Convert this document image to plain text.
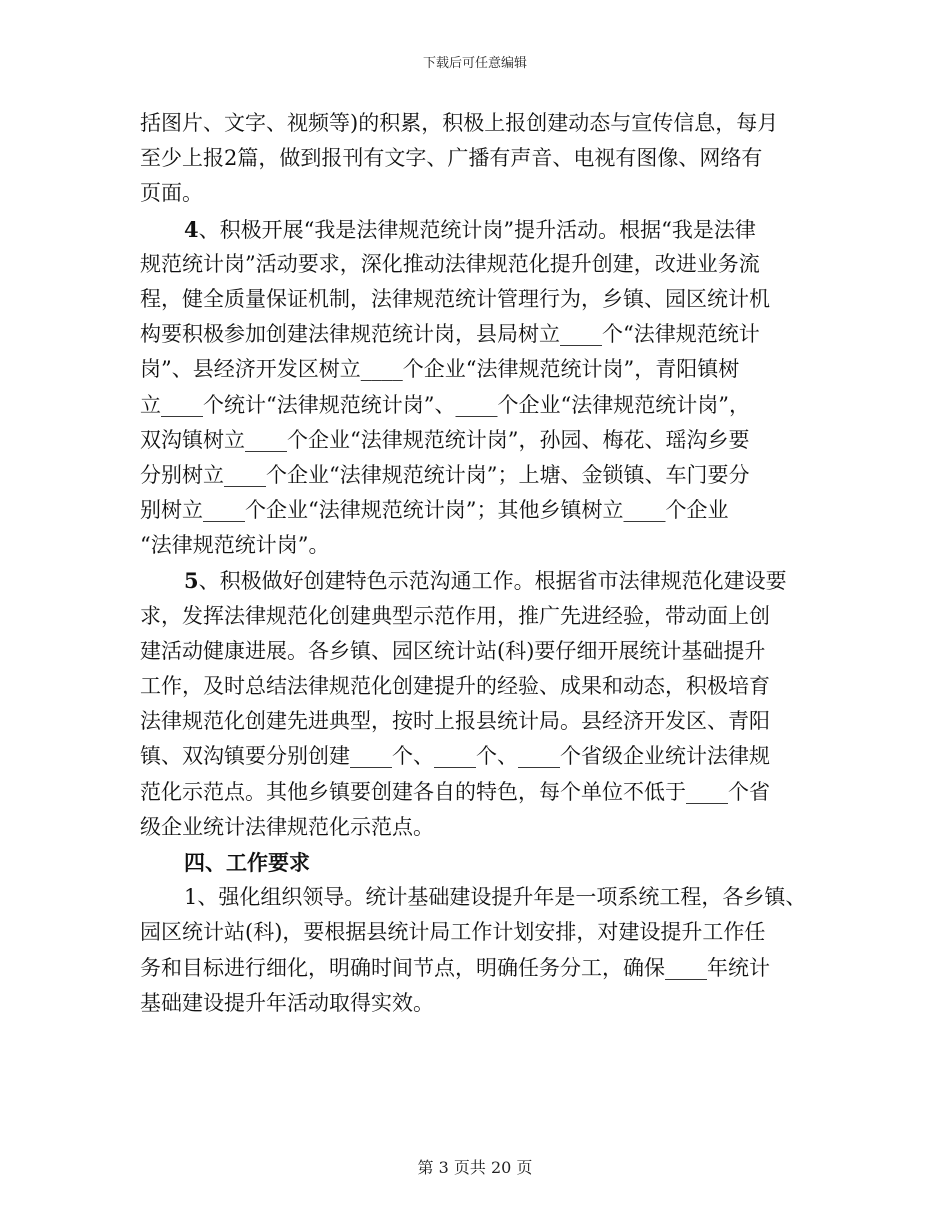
下载后可任意编辑
括图片、文字、视频等)的积累，积极上报创建动态与宣传信息，每月
至少上报2篇，做到报刊有文字、广播有声音、电视有图像、网络有
页面。
4、积极开展“我是法律规范统计岗”提升活动。根据“我是法律
规范统计岗”活动要求，深化推动法律规范化提升创建，改进业务流
程，健全质量保证机制，法律规范统计管理行为，乡镇、园区统计机
构要积极参加创建法律规范统计岗，县局树立____个“法律规范统计
岗”、县经济开发区树立____个企业“法律规范统计岗”，青阳镇树
立____个统计“法律规范统计岗”、____个企业“法律规范统计岗”，
双沟镇树立____个企业“法律规范统计岗”，孙园、梅花、瑶沟乡要
分别树立____个企业“法律规范统计岗”；上塘、金锁镇、车门要分
别树立____个企业“法律规范统计岗”；其他乡镇树立____个企业
“法律规范统计岗”。
5、积极做好创建特色示范沟通工作。根据省市法律规范化建设要
求，发挥法律规范化创建典型示范作用，推广先进经验，带动面上创
建活动健康进展。各乡镇、园区统计站(科)要仔细开展统计基础提升
工作，及时总结法律规范化创建提升的经验、成果和动态，积极培育
法律规范化创建先进典型，按时上报县统计局。县经济开发区、青阳
镇、双沟镇要分别创建____个、____个、____个省级企业统计法律规
范化示范点。其他乡镇要创建各自的特色，每个单位不低于____个省
级企业统计法律规范化示范点。
四、工作要求
1、强化组织领导。统计基础建设提升年是一项系统工程，各乡镇、
园区统计站(科)，要根据县统计局工作计划安排，对建设提升工作任
务和目标进行细化，明确时间节点，明确任务分工，确保____年统计
基础建设提升年活动取得实效。
第 3 页共 20 页
